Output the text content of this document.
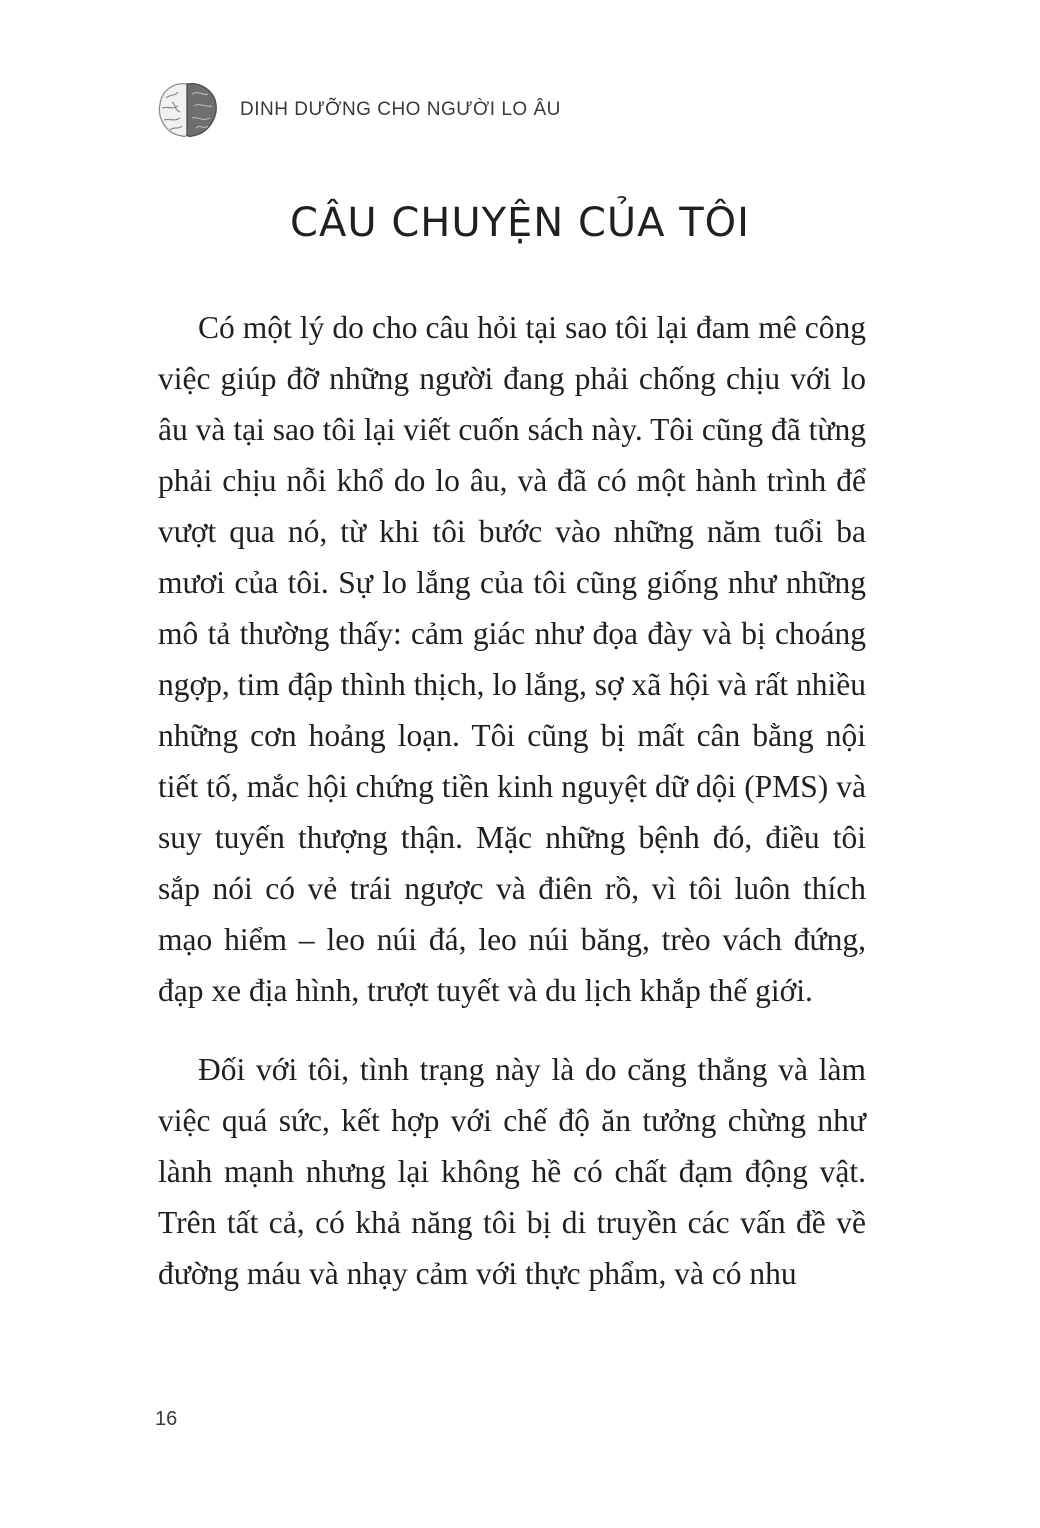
DINH DƯỠNG CHO NGƯỜI LO ÂU
CÂU CHUYỆN CỦA TÔI

Có một lý do cho câu hỏi tại sao tôi lại đam mê công việc giúp đỡ những người đang phải chống chịu với lo âu và tại sao tôi lại viết cuốn sách này. Tôi cũng đã từng phải chịu nỗi khổ do lo âu, và đã có một hành trình để vượt qua nó, từ khi tôi bước vào những năm tuổi ba mươi của tôi. Sự lo lắng của tôi cũng giống như những mô tả thường thấy: cảm giác như đọa đày và bị choáng ngợp, tim đập thình thịch, lo lắng, sợ xã hội và rất nhiều những cơn hoảng loạn. Tôi cũng bị mất cân bằng nội tiết tố, mắc hội chứng tiền kinh nguyệt dữ dội (PMS) và suy tuyến thượng thận. Mặc những bệnh đó, điều tôi sắp nói có vẻ trái ngược và điên rồ, vì tôi luôn thích mạo hiểm – leo núi đá, leo núi băng, trèo vách đứng, đạp xe địa hình, trượt tuyết và du lịch khắp thế giới.

Đối với tôi, tình trạng này là do căng thẳng và làm việc quá sức, kết hợp với chế độ ăn tưởng chừng như lành mạnh nhưng lại không hề có chất đạm động vật. Trên tất cả, có khả năng tôi bị di truyền các vấn đề về đường máu và nhạy cảm với thực phẩm, và có nhu

16
